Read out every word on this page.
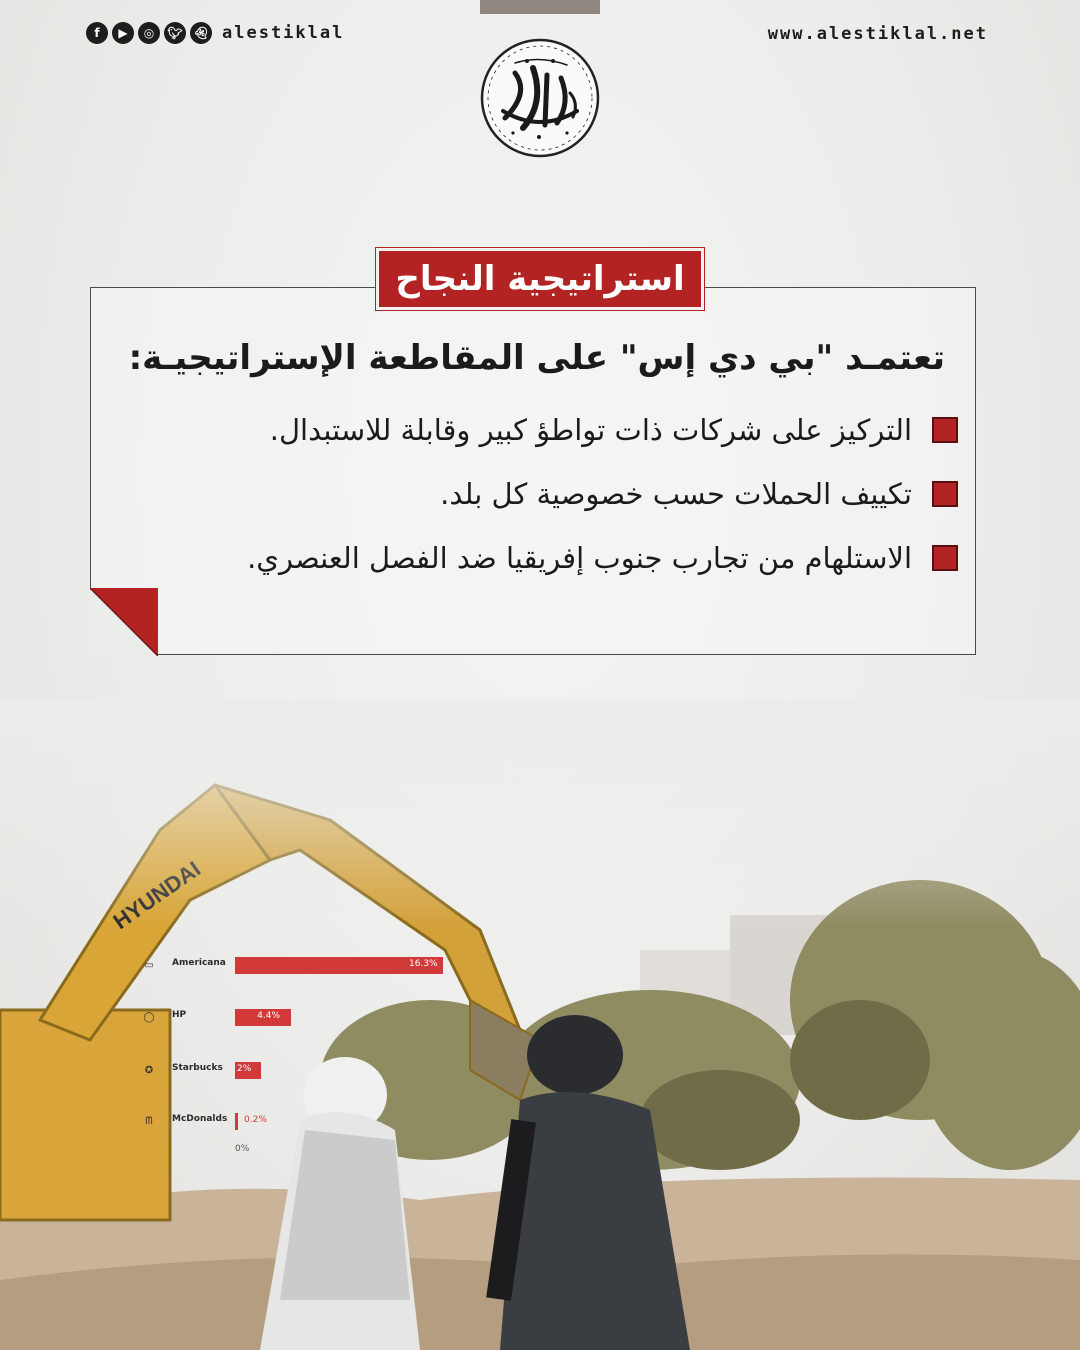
f	▶	◎	🐦︎ 👻︎ alestiklal	www.alestiklal.net
استراتيجية النجاح
تعتمـد "بي دي إس" على المقاطعة الإستراتيجيـة:
التركيز على شركات ذات تواطؤ كبير وقابلة للاستبدال.
تكييف الحملات حسب خصوصية كل بلد.
الاستلهام من تجارب جنوب إفريقيا ضد الفصل العنصري.
▭	Americana	16.3%
◯	HP	4.4%
✪	Starbucks 2%
ᗰ	McDonalds 0.2%
0%
